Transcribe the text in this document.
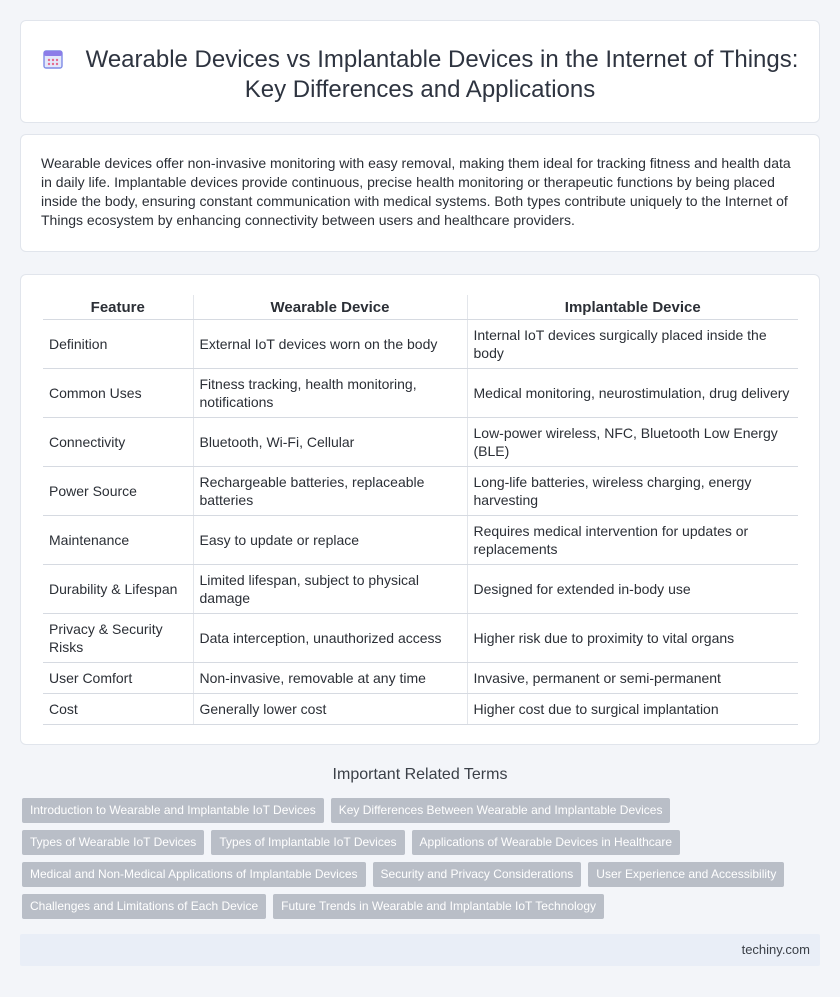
Wearable Devices vs Implantable Devices in the Internet of Things: Key Differences and Applications

Wearable devices offer non-invasive monitoring with easy removal, making them ideal for tracking fitness and health data in daily life. Implantable devices provide continuous, precise health monitoring or therapeutic functions by being placed inside the body, ensuring constant communication with medical systems. Both types contribute uniquely to the Internet of Things ecosystem by enhancing connectivity between users and healthcare providers.

Feature	Wearable Device	Implantable Device
Definition	External IoT devices worn on the body	Internal IoT devices surgically placed inside the body
Common Uses	Fitness tracking, health monitoring, notifications	Medical monitoring, neurostimulation, drug delivery
Connectivity	Bluetooth, Wi-Fi, Cellular	Low-power wireless, NFC, Bluetooth Low Energy (BLE)
Power Source	Rechargeable batteries, replaceable batteries	Long-life batteries, wireless charging, energy harvesting
Maintenance	Easy to update or replace	Requires medical intervention for updates or replacements
Durability & Lifespan	Limited lifespan, subject to physical damage	Designed for extended in-body use
Privacy & Security Risks	Data interception, unauthorized access	Higher risk due to proximity to vital organs
User Comfort	Non-invasive, removable at any time	Invasive, permanent or semi-permanent
Cost	Generally lower cost	Higher cost due to surgical implantation
Important Related Terms
Introduction to Wearable and Implantable IoT Devices	Key Differences Between Wearable and Implantable Devices
Types of Wearable IoT Devices	Types of Implantable IoT Devices	Applications of Wearable Devices in Healthcare
Medical and Non-Medical Applications of Implantable Devices	Security and Privacy Considerations	User Experience and Accessibility
Challenges and Limitations of Each Device	Future Trends in Wearable and Implantable IoT Technology
techiny.com
